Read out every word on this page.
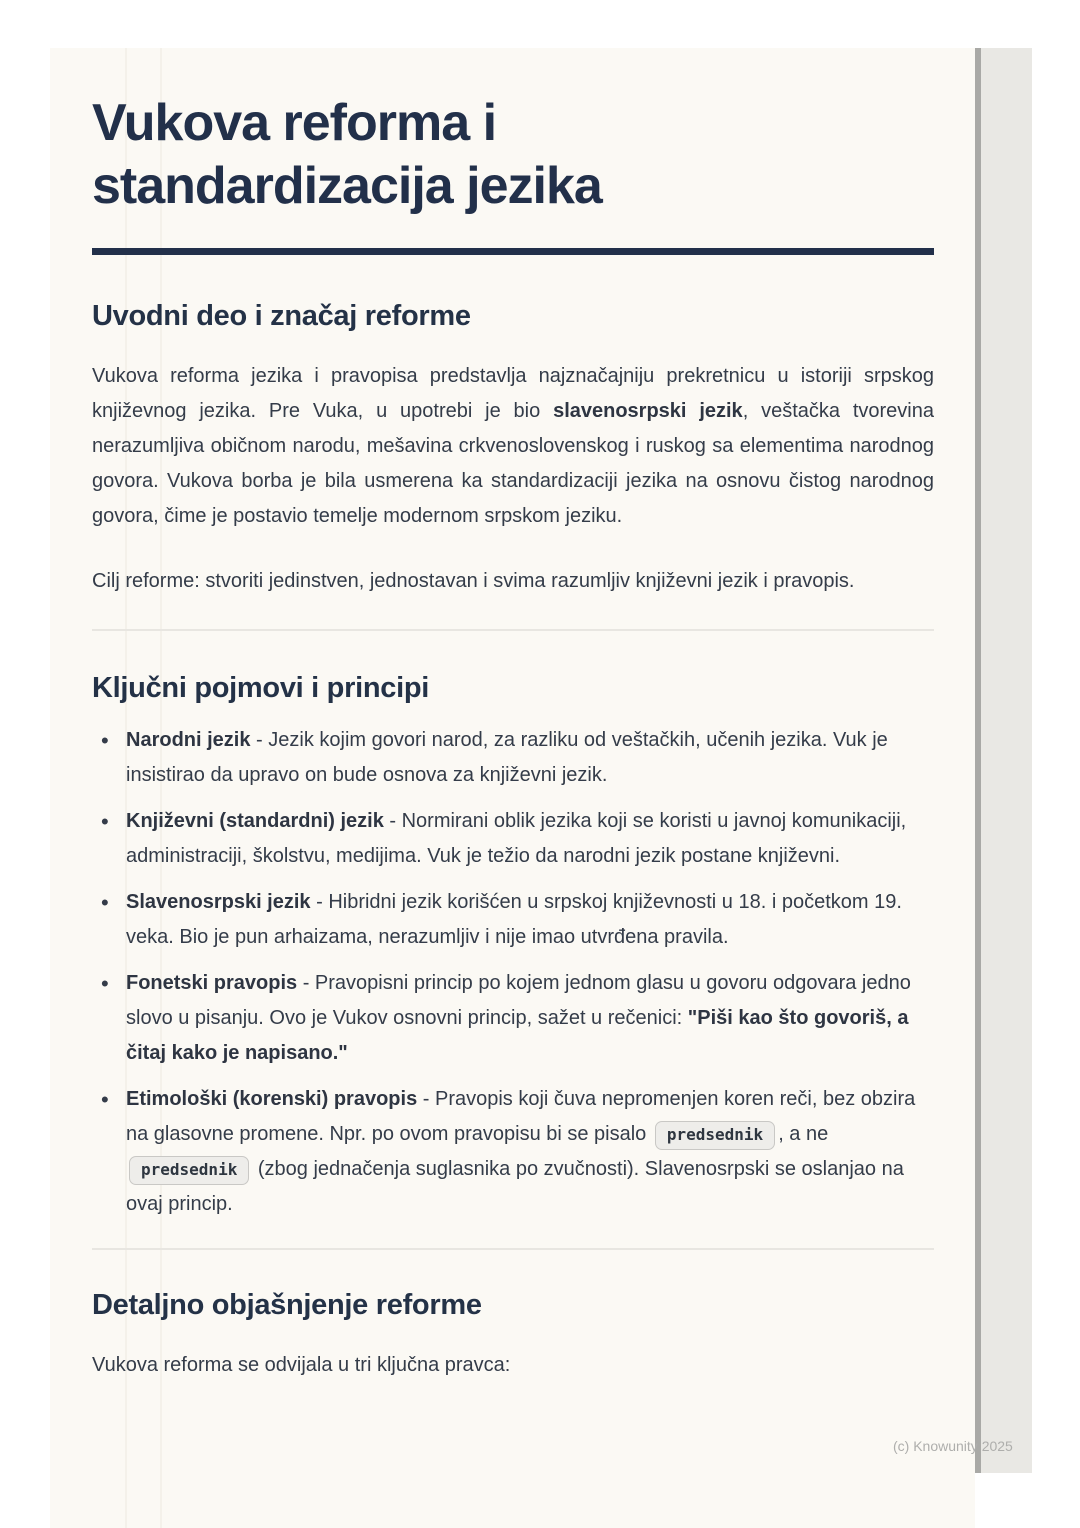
Vukova reforma i
standardizacija jezika
Uvodni deo i značaj reforme

Vukova reforma jezika i pravopisa predstavlja najznačajniju prekretnicu u istoriji srpskog književnog jezika. Pre Vuka, u upotrebi je bio slavenosrpski jezik, veštačka tvorevina nerazumljiva običnom narodu, mešavina crkvenoslovenskog i ruskog sa elementima narodnog govora. Vukova borba je bila usmerena ka standardizaciji jezika na osnovu čistog narodnog govora, čime je postavio temelje modernom srpskom jeziku.

Cilj reforme: stvoriti jedinstven, jednostavan i svima razumljiv književni jezik i pravopis.

Ključni pojmovi i principi
• Narodni jezik - Jezik kojim govori narod, za razliku od veštačkih, učenih jezika. Vuk je insistirao da upravo on bude osnova za književni jezik.
• Književni (standardni) jezik - Normirani oblik jezika koji se koristi u javnoj komunikaciji, administraciji, školstvu, medijima. Vuk je težio da narodni jezik postane književni.
• Slavenosrpski jezik - Hibridni jezik korišćen u srpskoj književnosti u 18. i početkom 19. veka. Bio je pun arhaizama, nerazumljiv i nije imao utvrđena pravila.
• Fonetski pravopis - Pravopisni princip po kojem jednom glasu u govoru odgovara jedno slovo u pisanju. Ovo je Vukov osnovni princip, sažet u rečenici: "Piši kao što govoriš, a čitaj kako je napisano."
• Etimološki (korenski) pravopis - Pravopis koji čuva nepromenjen koren reči, bez obzira na glasovne promene. Npr. po ovom pravopisu bi se pisalo predsednik , a ne predsednik (zbog jednačenja suglasnika po zvučnosti). Slavenosrpski se oslanjao na ovaj princip.
Detaljno objašnjenje reforme

Vukova reforma se odvijala u tri ključna pravca:

(c) Knowunity 2025
